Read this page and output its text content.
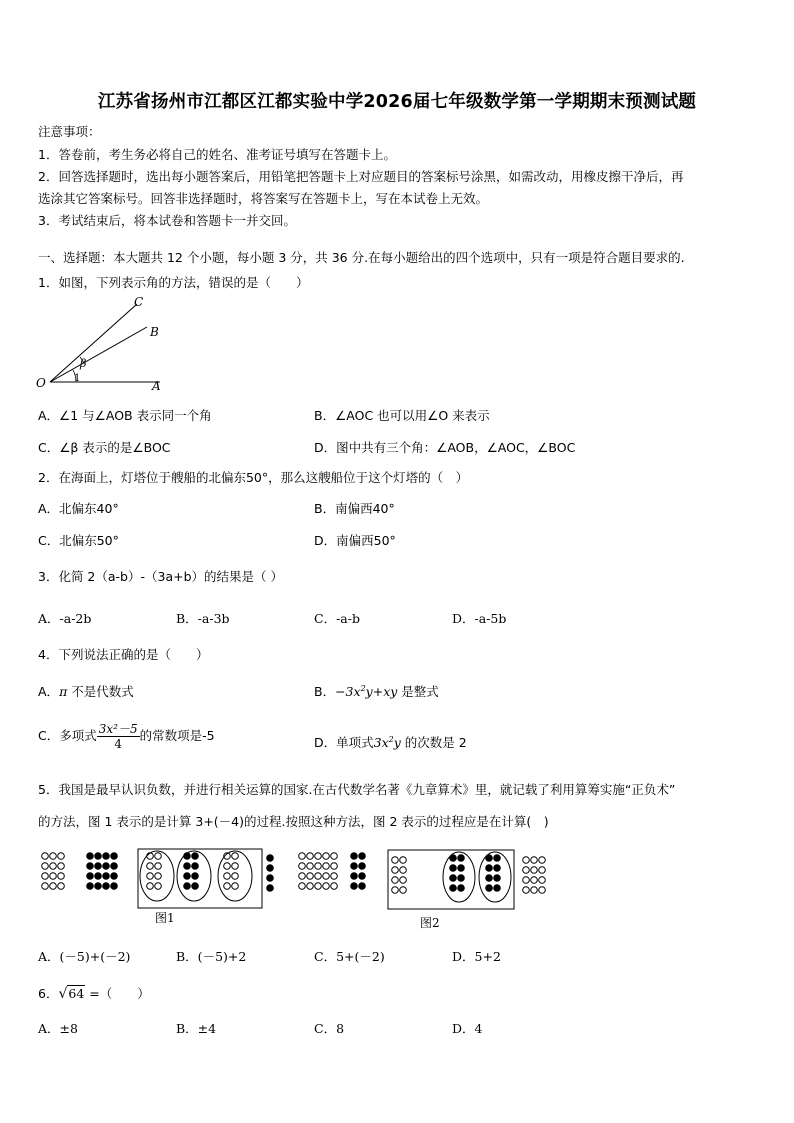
江苏省扬州市江都区江都实验中学2026届七年级数学第一学期期末预测试题
注意事项：
1．答卷前，考生务必将自己的姓名、准考证号填写在答题卡上。
2．回答选择题时，选出每小题答案后，用铅笔把答题卡上对应题目的答案标号涂黑，如需改动，用橡皮擦干净后，再
选涂其它答案标号。回答非选择题时，将答案写在答题卡上，写在本试卷上无效。
3．考试结束后，将本试卷和答题卡一并交回。
一、选择题：本大题共 12 个小题，每小题 3 分，共 36 分.在每小题给出的四个选项中，只有一项是符合题目要求的.
1．如图，下列表示角的方法，错误的是（　　）
C
B
O	A
β
1
A．∠1 与∠AOB 表示同一个角	B．∠AOC 也可以用∠O 来表示
C．∠β 表示的是∠BOC	D．图中共有三个角：∠AOB，∠AOC，∠BOC
2．在海面上，灯塔位于艘船的北偏东50°，那么这艘船位于这个灯塔的（　）
A．北偏东40°	B．南偏西40°
C．北偏东50°	D．南偏西50°
3．化简 2（a-b）-（3a+b）的结果是（ ）
A．-a-2b	B．-a-3b	C．-a-b	D．-a-5b
4．下列说法正确的是（　　）
A．π 不是代数式	B．$-3x^2y+xy$ 是整式
C．多项式 $\frac{\text{3x²－5}}{4}$ 的常数项是-5	D．单项式$3x^2y$ 的次数是 2
5．我国是最早认识负数，并进行相关运算的国家.在古代数学名著《九章算术》里，就记载了利用算筹实施“正负术”
的方法，图 1 表示的是计算 3+(－4)的过程.按照这种方法，图 2 表示的过程应是在计算(　)
图1	图2
A．(－5)+(－2)	B．(－5)+2	C．5+(－2)	D．5+2
6．√64 =（　　）
A．±8	B．±4	C．8	D．4
